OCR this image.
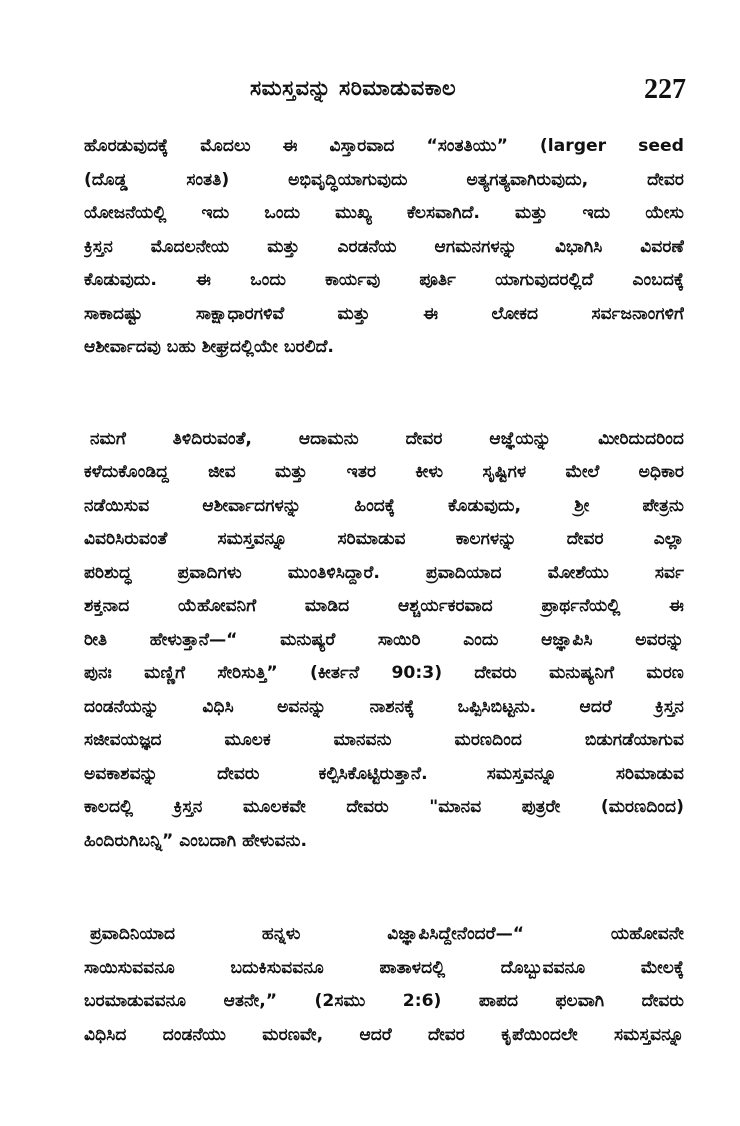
ಸಮಸ್ತವನ್ನು ಸರಿಮಾಡುವಕಾಲ	227
ಹೊರಡುವುದಕ್ಕೆ ಮೊದಲು ಈ ವಿಸ್ತಾರವಾದ “ಸಂತತಿಯು” (larger seed
(ದೊಡ್ಡ ಸಂತತಿ) ಅಭಿವೃದ್ಧಿಯಾಗುವುದು ಅತ್ಯಗತ್ಯವಾಗಿರುವುದು, ದೇವರ
ಯೋಜನೆಯಲ್ಲಿ ಇದು ಒಂದು ಮುಖ್ಯ ಕೆಲಸವಾಗಿದೆ. ಮತ್ತು ಇದು ಯೇಸು
ಕ್ರಿಸ್ತನ ಮೊದಲನೇಯ ಮತ್ತು ಎರಡನೆಯ ಆಗಮನಗಳನ್ನು ವಿಭಾಗಿಸಿ ವಿವರಣೆ
ಕೊಡುವುದು. ಈ ಒಂದು ಕಾರ್ಯವು ಪೂರ್ತಿ ಯಾಗುವುದರಲ್ಲಿದೆ ಎಂಬದಕ್ಕೆ
ಸಾಕಾದಷ್ಟು ಸಾಕ್ಷಾಧಾರಗಳಿವೆ ಮತ್ತು ಈ ಲೋಕದ ಸರ್ವಜನಾಂಗಳಿಗೆ
ಆಶೀರ್ವಾದವು ಬಹು ಶೀಘ್ರದಲ್ಲಿಯೇ ಬರಲಿದೆ.
ನಮಗೆ ತಿಳಿದಿರುವಂತೆ, ಆದಾಮನು ದೇವರ ಆಜ್ಞೆಯನ್ನು ಮೀರಿದುದರಿಂದ
ಕಳೆದುಕೊಂಡಿದ್ದ ಜೀವ ಮತ್ತು ಇತರ ಕೀಳು ಸೃಷ್ಟಿಗಳ ಮೇಲೆ ಅಧಿಕಾರ
ನಡೆಯಿಸುವ ಆಶೀರ್ವಾದಗಳನ್ನು ಹಿಂದಕ್ಕೆ ಕೊಡುವುದು, ಶ್ರೀ ಪೇತ್ರನು
ವಿವರಿಸಿರುವಂತೆ ಸಮಸ್ತವನ್ನೂ ಸರಿಮಾಡುವ ಕಾಲಗಳನ್ನು ದೇವರ ಎಲ್ಲಾ
ಪರಿಶುದ್ಧ ಪ್ರವಾದಿಗಳು ಮುಂತಿಳಿಸಿದ್ದಾರೆ. ಪ್ರವಾದಿಯಾದ ಮೋಶೆಯು ಸರ್ವ
ಶಕ್ತನಾದ ಯೆಹೋವನಿಗೆ ಮಾಡಿದ ಆಶ್ಚರ್ಯಕರವಾದ ಪ್ರಾರ್ಥನೆಯಲ್ಲಿ ಈ
ರೀತಿ ಹೇಳುತ್ತಾನೆ—“ ಮನುಷ್ಯರೆ ಸಾಯಿರಿ ಎಂದು ಆಜ್ಞಾಪಿಸಿ ಅವರನ್ನು
ಪುನಃ ಮಣ್ಣಿಗೆ ಸೇರಿಸುತ್ತಿ” (ಕೀರ್ತನೆ 90:3) ದೇವರು ಮನುಷ್ಯನಿಗೆ ಮರಣ
ದಂಡನೆಯನ್ನು ವಿಧಿಸಿ ಅವನನ್ನು ನಾಶನಕ್ಕೆ ಒಪ್ಪಿಸಿಬಿಟ್ಟನು. ಆದರೆ ಕ್ರಿಸ್ತನ
ಸಜೀವಯಜ್ಞದ ಮೂಲಕ ಮಾನವನು ಮರಣದಿಂದ ಬಿಡುಗಡೆಯಾಗುವ
ಅವಕಾಶವನ್ನು ದೇವರು ಕಲ್ಪಿಸಿಕೊಟ್ಟಿರುತ್ತಾನೆ. ಸಮಸ್ತವನ್ನೂ ಸರಿಮಾಡುವ
ಕಾಲದಲ್ಲಿ ಕ್ರಿಸ್ತನ ಮೂಲಕವೇ ದೇವರು "ಮಾನವ ಪುತ್ರರೇ (ಮರಣದಿಂದ)
ಹಿಂದಿರುಗಿಬನ್ನಿ” ಎಂಬದಾಗಿ ಹೇಳುವನು.
ಪ್ರವಾದಿನಿಯಾದ ಹನ್ನಳು ವಿಜ್ಞಾಪಿಸಿದ್ದೇನೆಂದರೆ—“ ಯಹೋವನೇ
ಸಾಯಿಸುವವನೂ ಬದುಕಿಸುವವನೂ ಪಾತಾಳದಲ್ಲಿ ದೊಬ್ಬುವವನೂ ಮೇಲಕ್ಕೆ
ಬರಮಾಡುವವನೂ ಆತನೇ,” (2ಸಮು 2:6) ಪಾಪದ ಫಲವಾಗಿ ದೇವರು
ವಿಧಿಸಿದ ದಂಡನೆಯು ಮರಣವೇ, ಆದರೆ ದೇವರ ಕೃಪೆಯಿಂದಲೇ ಸಮಸ್ತವನ್ನೂ
